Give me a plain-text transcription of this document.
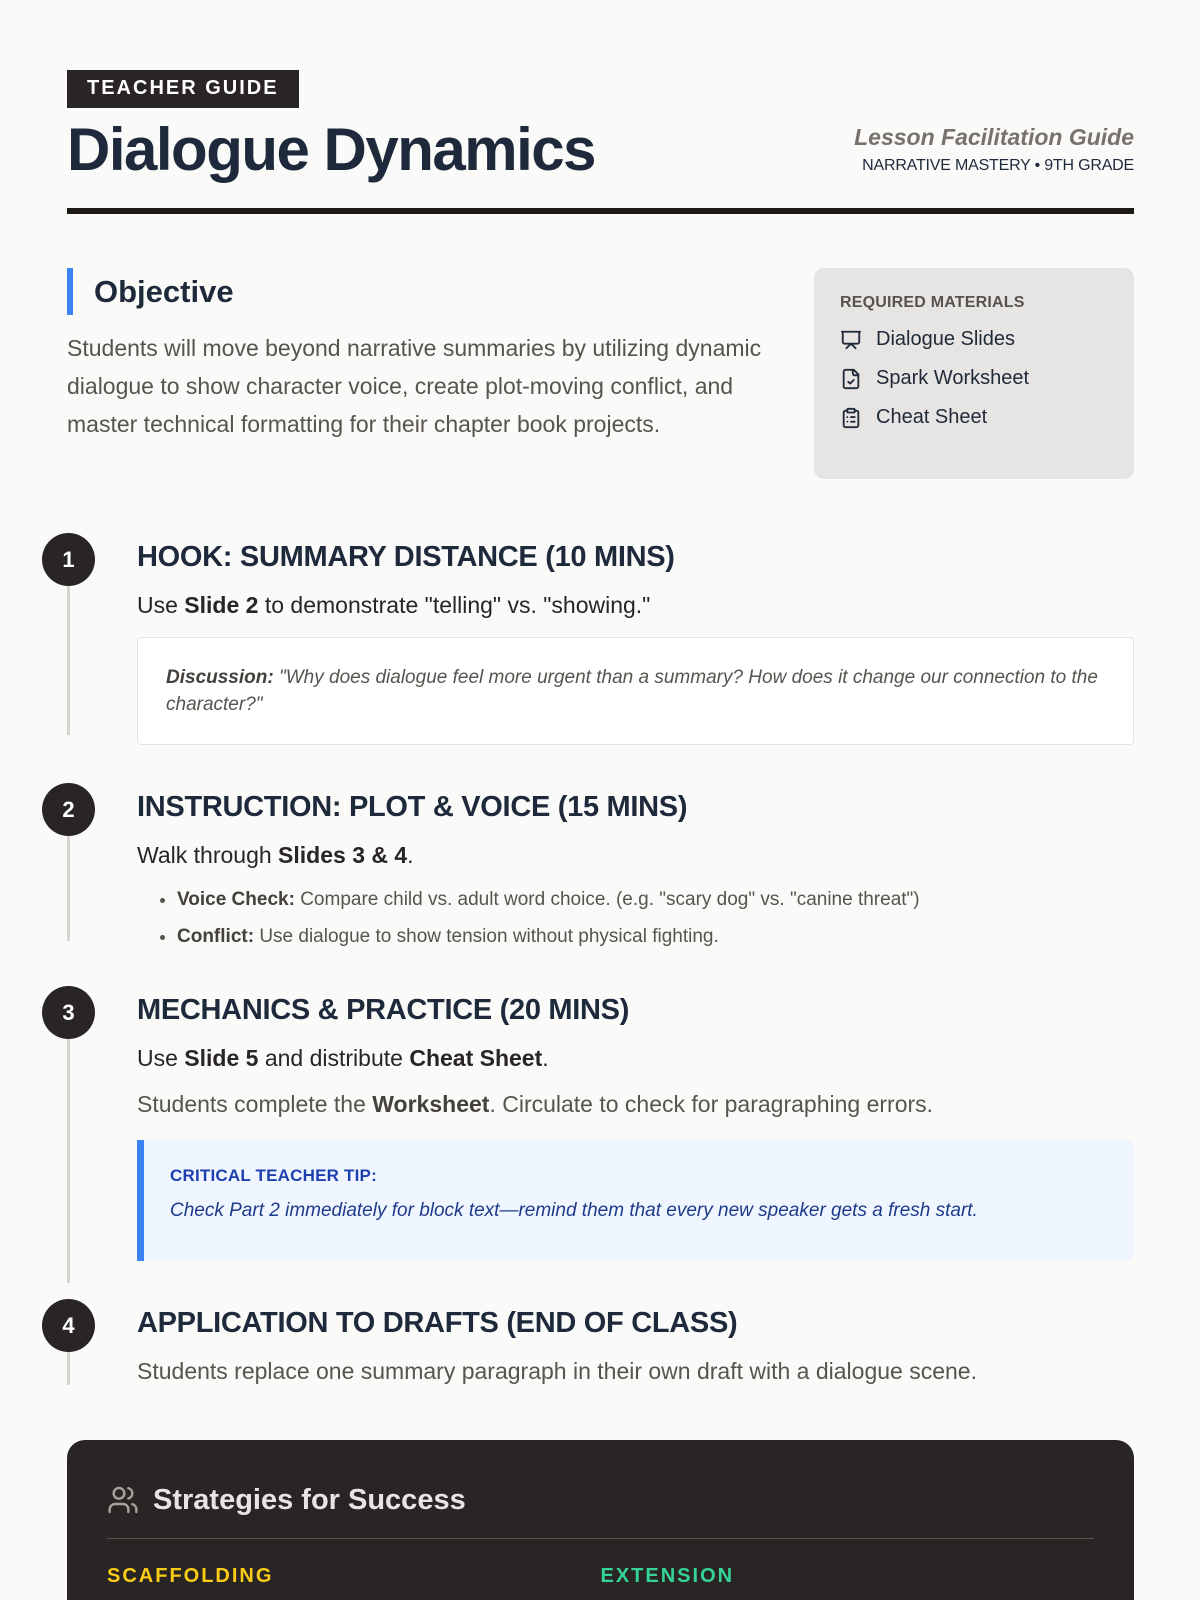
TEACHER GUIDE
Dialogue Dynamics	Lesson Facilitation Guide
NARRATIVE MASTERY • 9TH GRADE
Objective

Students will move beyond narrative summaries by utilizing dynamic dialogue to show character voice, create plot-moving conflict, and master technical formatting for their chapter book projects.

REQUIRED MATERIALS
Dialogue Slides
Spark Worksheet
Cheat Sheet
1	HOOK: SUMMARY DISTANCE (10 MINS)
Use Slide 2 to demonstrate "telling" vs. "showing."
Discussion: "Why does dialogue feel more urgent than a summary? How does it change our connection to the character?"
2	INSTRUCTION: PLOT & VOICE (15 MINS)
Walk through Slides 3 & 4.
• Voice Check: Compare child vs. adult word choice. (e.g. "scary dog" vs. "canine threat")
• Conflict: Use dialogue to show tension without physical fighting.
3	MECHANICS & PRACTICE (20 MINS)
Use Slide 5 and distribute Cheat Sheet.
Students complete the Worksheet. Circulate to check for paragraphing errors.
CRITICAL TEACHER TIP:
Check Part 2 immediately for block text—remind them that every new speaker gets a fresh start.
4	APPLICATION TO DRAFTS (END OF CLASS)
Students replace one summary paragraph in their own draft with a dialogue scene.
Strategies for Success
SCAFFOLDING	EXTENSION
